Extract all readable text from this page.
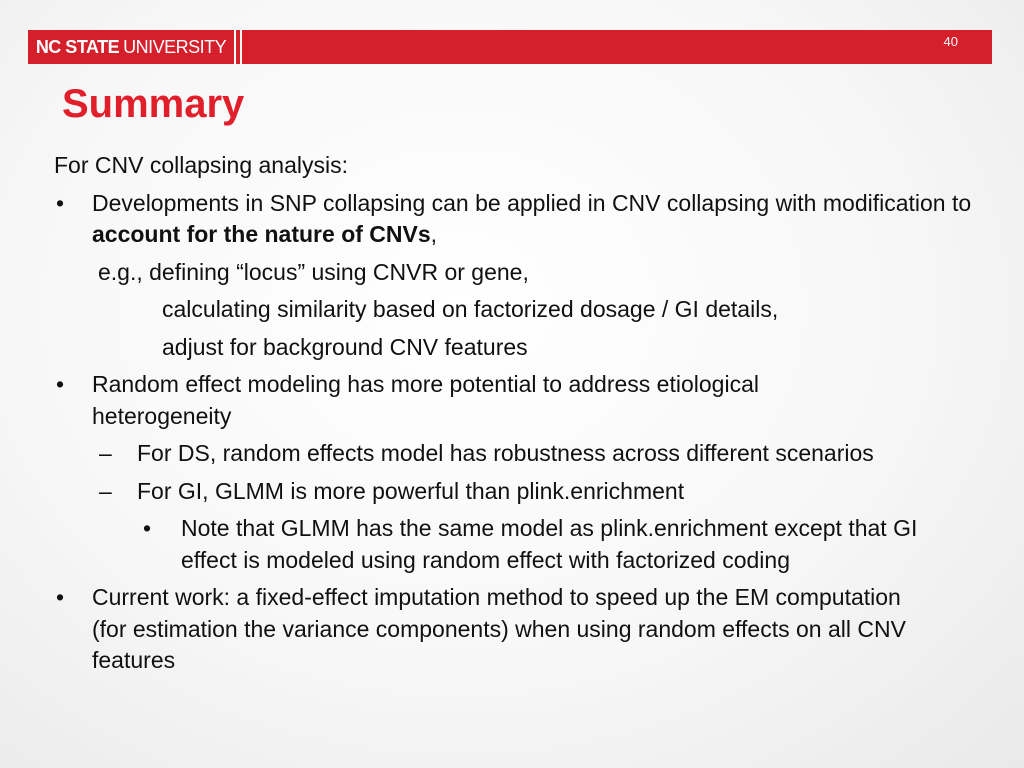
NC STATE UNIVERSITY	40
Summary
For CNV collapsing analysis:
• Developments in SNP collapsing can be applied in CNV collapsing with modification to account for the nature of CNVs,
e.g., defining “locus” using CNVR or gene,
calculating similarity based on factorized dosage / GI details,
adjust for background CNV features
• Random effect modeling has more potential to address etiological heterogeneity
– For DS, random effects model has robustness across different scenarios
– For GI, GLMM is more powerful than plink.enrichment
• Note that GLMM has the same model as plink.enrichment except that GI effect is modeled using random effect with factorized coding
• Current work: a fixed-effect imputation method to speed up the EM computation (for estimation the variance components) when using random effects on all CNV features
